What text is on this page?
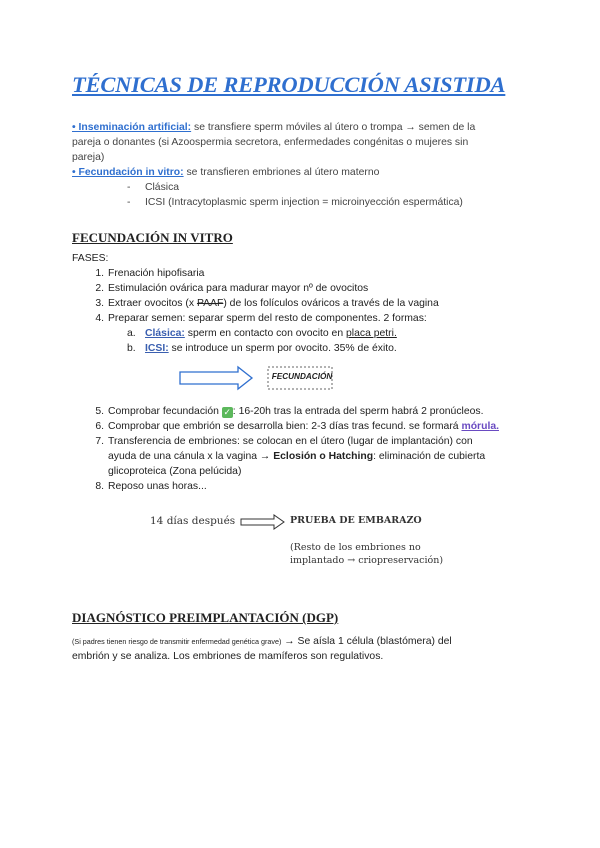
TÉCNICAS DE REPRODUCCIÓN ASISTIDA
• Inseminación artificial: se transfiere sperm móviles al útero o trompa → semen de la
pareja o donantes (si Azoospermia secretora, enfermedades congénitas o mujeres sin
pareja)
• Fecundación in vitro: se transfieren embriones al útero materno
- Clásica
- ICSI (Intracytoplasmic sperm injection = microinyección espermática)
FECUNDACIÓN IN VITRO
FASES:
1. Frenación hipofisaria
2. Estimulación ovárica para madurar mayor nº de ovocitos
3. Extraer ovocitos (x PAAF) de los folículos ováricos a través de la vagina
4. Preparar semen: separar sperm del resto de componentes. 2 formas:
a. Clásica: sperm en contacto con ovocito en placa petri.
b. ICSI: se introduce un sperm por ovocito. 35% de éxito.
FECUNDACIÓN
5. Comprobar fecundación ✓ : 16-20h tras la entrada del sperm habrá 2 pronúcleos.
6. Comprobar que embrión se desarrolla bien: 2-3 días tras fecund. se formará mórula.
7. Transferencia de embriones: se colocan en el útero (lugar de implantación) con
ayuda de una cánula x la vagina → Eclosión o Hatching: eliminación de cubierta
glicoproteica (Zona pelúcida)
8. Reposo unas horas...
14 días después	PRUEBA DE EMBARAZO
(Resto de los embriones no
implantado → criopreservación)
DIAGNÓSTICO PREIMPLANTACIÓN (DGP)
(Si padres tienen riesgo de transmitir enfermedad genética grave) → Se aísla 1 célula (blastómera) del
embrión y se analiza. Los embriones de mamíferos son regulativos.
